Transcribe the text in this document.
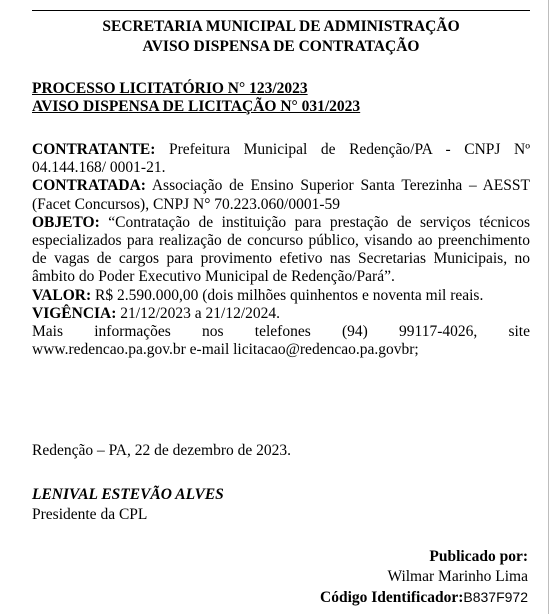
SECRETARIA MUNICIPAL DE ADMINISTRAÇÃO
AVISO DISPENSA DE CONTRATAÇÃO
PROCESSO LICITATÓRIO N° 123/2023
AVISO DISPENSA DE LICITAÇÃO N° 031/2023

CONTRATANTE: Prefeitura Municipal de Redenção/PA - CNPJ Nº 04.144.168/ 0001-21.

CONTRATADA: Associação de Ensino Superior Santa Terezinha – AESST (Facet Concursos), CNPJ N° 70.223.060/0001-59

OBJETO: “Contratação de instituição para prestação de serviços técnicos especializados para realização de concurso público, visando ao preenchimento de vagas de cargos para provimento efetivo nas Secretarias Municipais, no âmbito do Poder Executivo Municipal de Redenção/Pará”.

VALOR: R$ 2.590.000,00 (dois milhões quinhentos e noventa mil reais.

VIGÊNCIA: 21/12/2023 a 21/12/2024.

Mais informações nos telefones (94) 99117-4026, site

www.redencao.pa.gov.br e-mail licitacao@redencao.pa.govbr;

Redenção – PA, 22 de dezembro de 2023.
LENIVAL ESTEVÃO ALVES
Presidente da CPL
Publicado por:
Wilmar Marinho Lima
Código Identificador:B837F972
